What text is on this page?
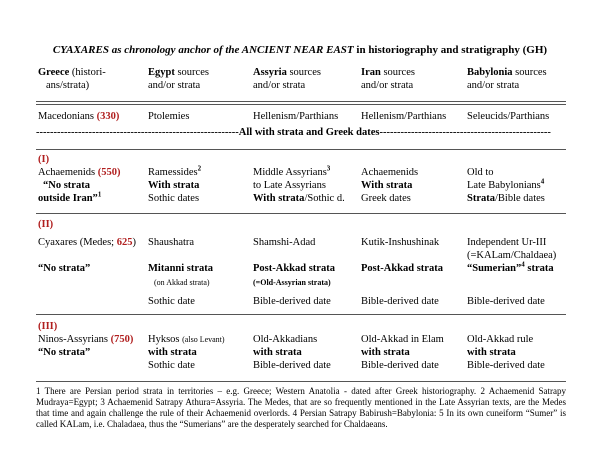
CYAXARES as chronology anchor of the ANCIENT NEAR EAST in historiography and stratigraphy (GH)
Greece (histori-
ans/strata)
Egypt sources
and/or strata
Assyria sources
and/or strata
Iran sources
and/or strata
Babylonia sources
and/or strata
Macedonians (330)	Ptolemies	Hellenism/Parthians Hellenism/Parthians Seleucids/Parthians
----------------------------------------------------------All with strata and Greek dates-------------------------------------------------
(I)
Achaemenids (550)
“No strata
outside Iran”$^1$
Ramessides$^2$
With strata
Sothic dates
Middle Assyrians$^3$
to Late Assyrians
With strata/Sothic d.
Achaemenids
With strata
Greek dates
Old to
Late Babylonians$^4$
Strata/Bible dates
(II)
Cyaxares (Medes; 625)
“No strata”
Shaushatra
Mitanni strata
(on Akkad strata)
Sothic date
Shamshi-Adad
Post-Akkad strata
(=Old-Assyrian strata)
Bible-derived date
Kutik-Inshushinak
Post-Akkad strata
Bible-derived date
Independent Ur-III
(=KALam/Chaldaea)
“Sumerian”$^4$ strata
Bible-derived date
(III)
Ninos-Assyrians (750)
“No strata”
Hyksos (also Levant)
with strata
Sothic date
Old-Akkadians
with strata
Bible-derived date
Old-Akkad in Elam
with strata
Bible-derived date
Old-Akkad rule
with strata
Bible-derived date
1 There are Persian period strata in territories – e.g. Greece; Western Anatolia - dated after Greek historiography. 2 Achaemenid Satrapy Mudraya=Egypt; 3 Achaemenid Satrapy Athura=Assyria. The Medes, that are so frequently mentioned in the Late Assyrian texts, are the Medes that time and again challenge the rule of their Achaemenid overlords. 4 Persian Satrapy Babirush=Babylonia: 5 In its own cuneiform “Sumer” is called KALam, i.e. Chaladaea, thus the “Sumerians” are the desperately searched for Chaldaeans.
